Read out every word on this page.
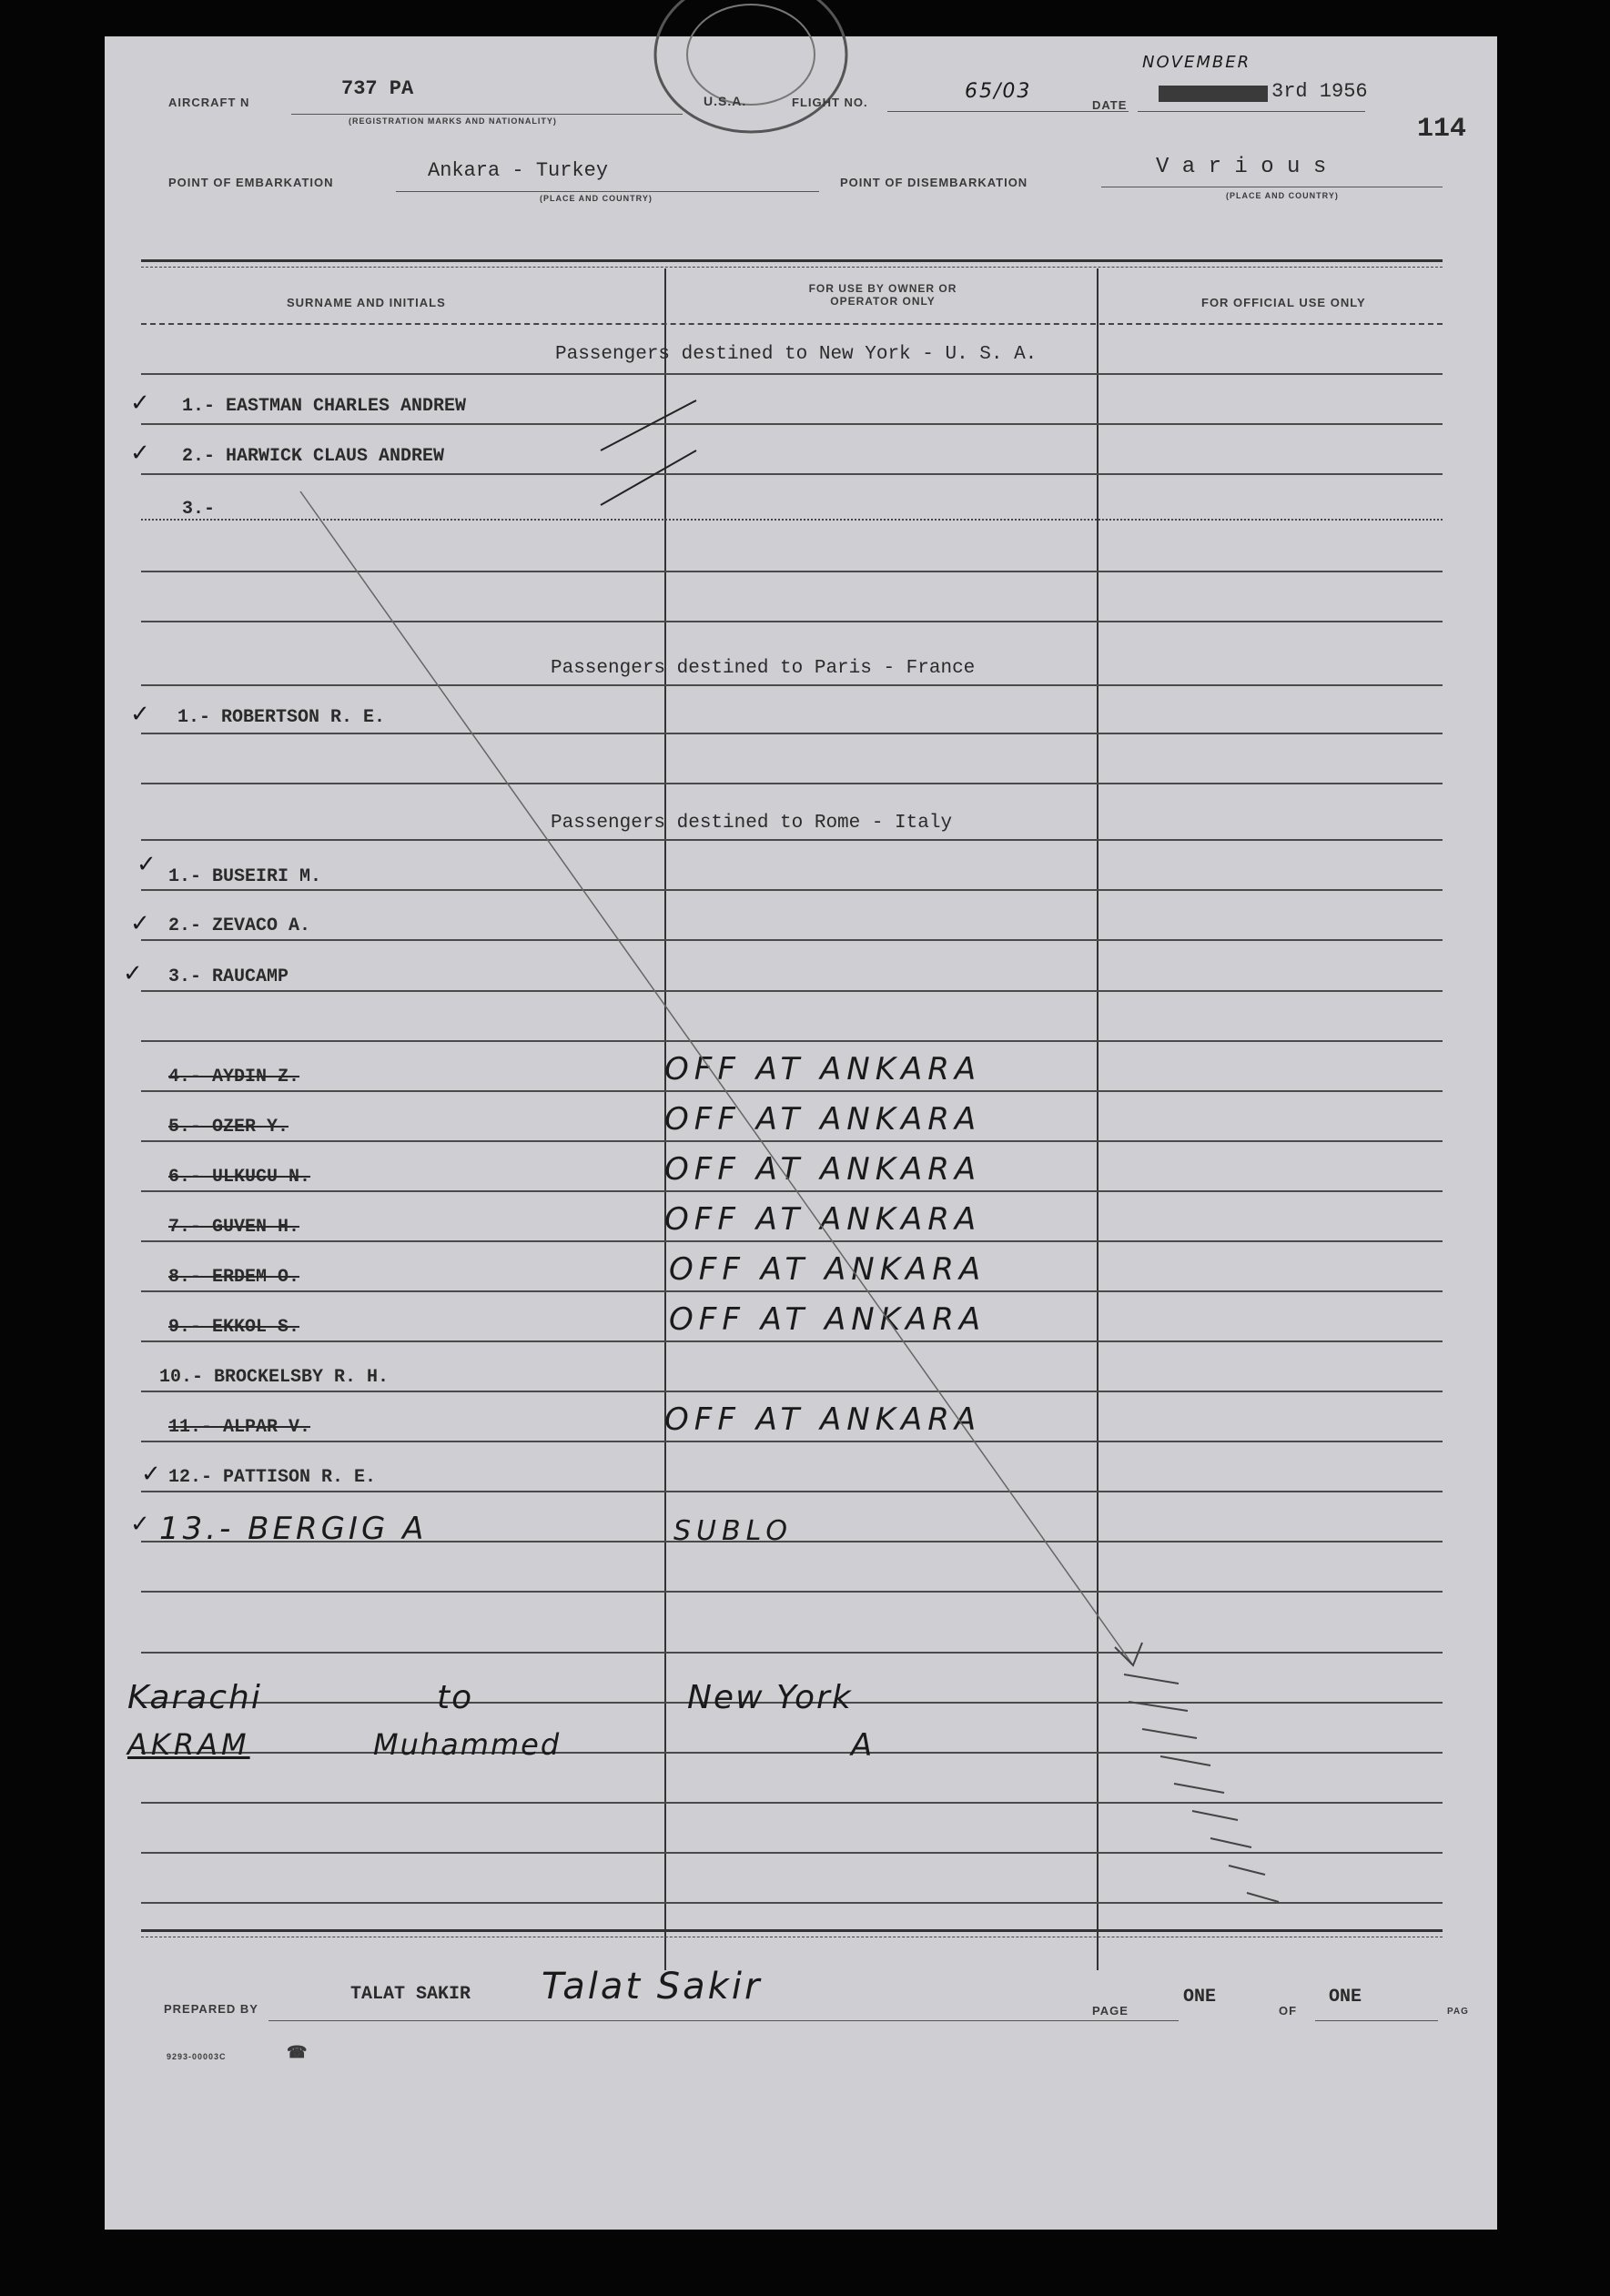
AIRCRAFT N
737 PA
(REGISTRATION MARKS AND NATIONALITY)
U.S.A.	FLIGHT NO.	65/03
DATE
NOVEMBER
3rd 1956
114
POINT OF EMBARKATION
Ankara - Turkey
(PLACE AND COUNTRY)
POINT OF DISEMBARKATION
V a r i o u s
(PLACE AND COUNTRY)
SURNAME AND INITIALS
FOR USE BY OWNER OR OPERATOR ONLY	FOR OFFICIAL USE ONLY
Passengers destined to New York - U. S. A.
✓ 1.- EASTMAN CHARLES ANDREW
✓ 2.- HARWICK CLAUS ANDREW
3.-
Passengers destined to Paris - France
✓ 1.- ROBERTSON R. E.
Passengers destined to Rome - Italy
✓ 1.- BUSEIRI M.
✓ 2.- ZEVACO A.
✓ 3.- RAUCAMP
4.- AYDIN Z.	OFF AT ANKARA
5.- OZER Y.	OFF AT ANKARA
6.- ULKUCU N.	OFF AT ANKARA
7.- GUVEN H.	OFF AT ANKARA
8.- ERDEM O.	OFF AT ANKARA
9.- EKKOL S.	OFF AT ANKARA
10.- BROCKELSBY R. H.
11.- ALPAR V.	OFF AT ANKARA
✓ 12.- PATTISON R. E.
✓ 13.- BERGIG A	SUBLO
Karachi	to	New York
AKRAM	Muhammed	A
PREPARED BY
TALAT SAKIR Talat Sakir
PAGE
ONE
OF
ONE
PAG
9293-00003C	☎
